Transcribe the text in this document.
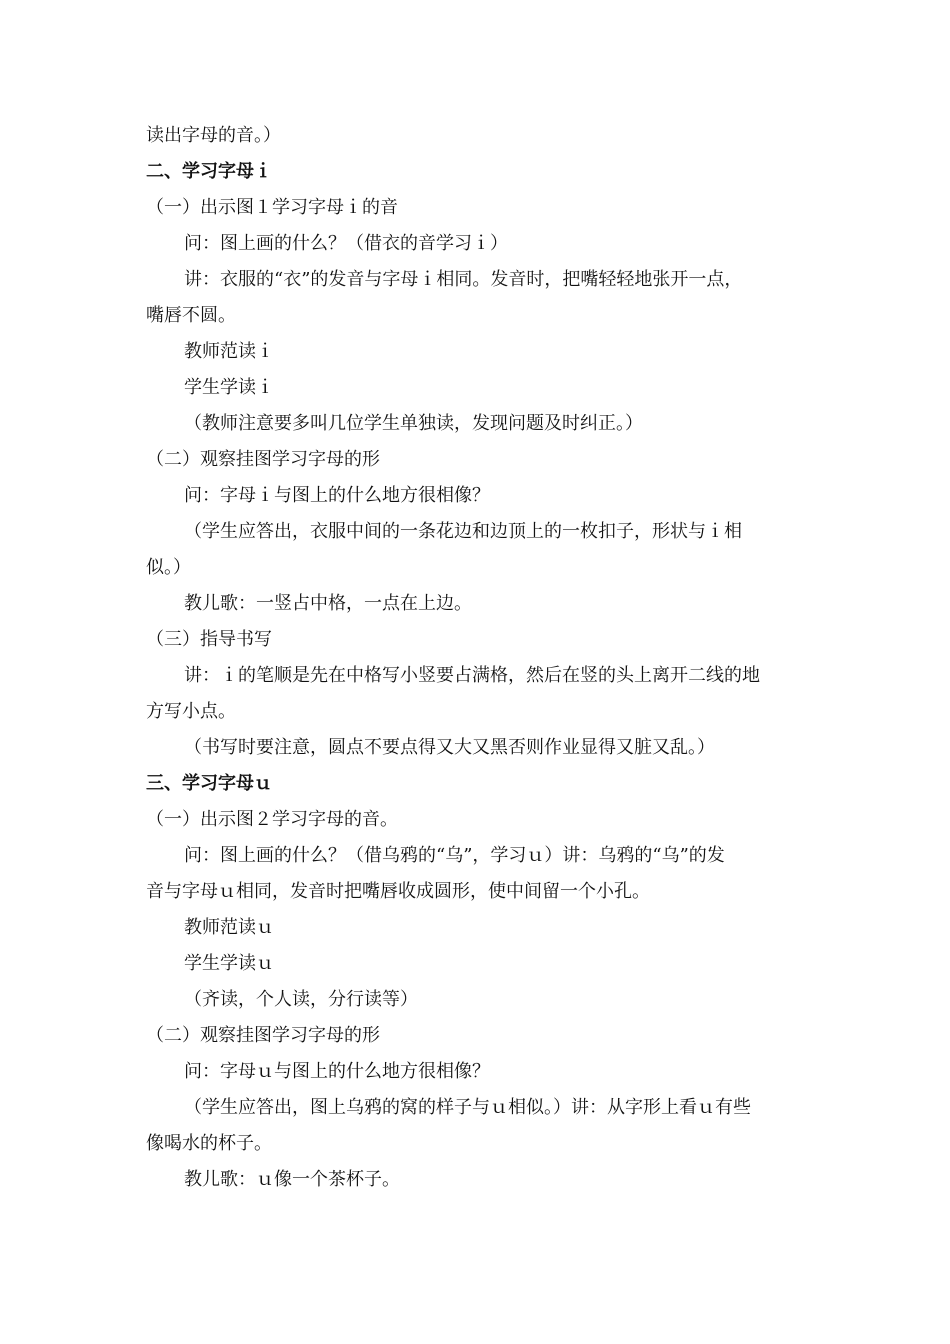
读出字母的音。）

二、学习字母ｉ

（一）出示图１学习字母ｉ的音

问：图上画的什么？（借衣的音学习ｉ）

讲：衣服的“衣”的发音与字母ｉ相同。发音时，把嘴轻轻地张开一点，

嘴唇不圆。

教师范读ｉ

学生学读ｉ

（教师注意要多叫几位学生单独读，发现问题及时纠正。）

（二）观察挂图学习字母的形

问：字母ｉ与图上的什么地方很相像？

（学生应答出，衣服中间的一条花边和边顶上的一枚扣子，形状与ｉ相

似。）

教儿歌：一竖占中格，一点在上边。

（三）指导书写

讲：ｉ的笔顺是先在中格写小竖要占满格，然后在竖的头上离开二线的地

方写小点。

（书写时要注意，圆点不要点得又大又黑否则作业显得又脏又乱。）

三、学习字母ｕ

（一）出示图２学习字母的音。

问：图上画的什么？（借乌鸦的“乌”，学习ｕ）讲：乌鸦的“乌”的发

音与字母ｕ相同，发音时把嘴唇收成圆形，使中间留一个小孔。

教师范读ｕ

学生学读ｕ

（齐读，个人读，分行读等）

（二）观察挂图学习字母的形

问：字母ｕ与图上的什么地方很相像？

（学生应答出，图上乌鸦的窝的样子与ｕ相似。）讲：从字形上看ｕ有些

像喝水的杯子。

教儿歌：ｕ像一个茶杯子。
